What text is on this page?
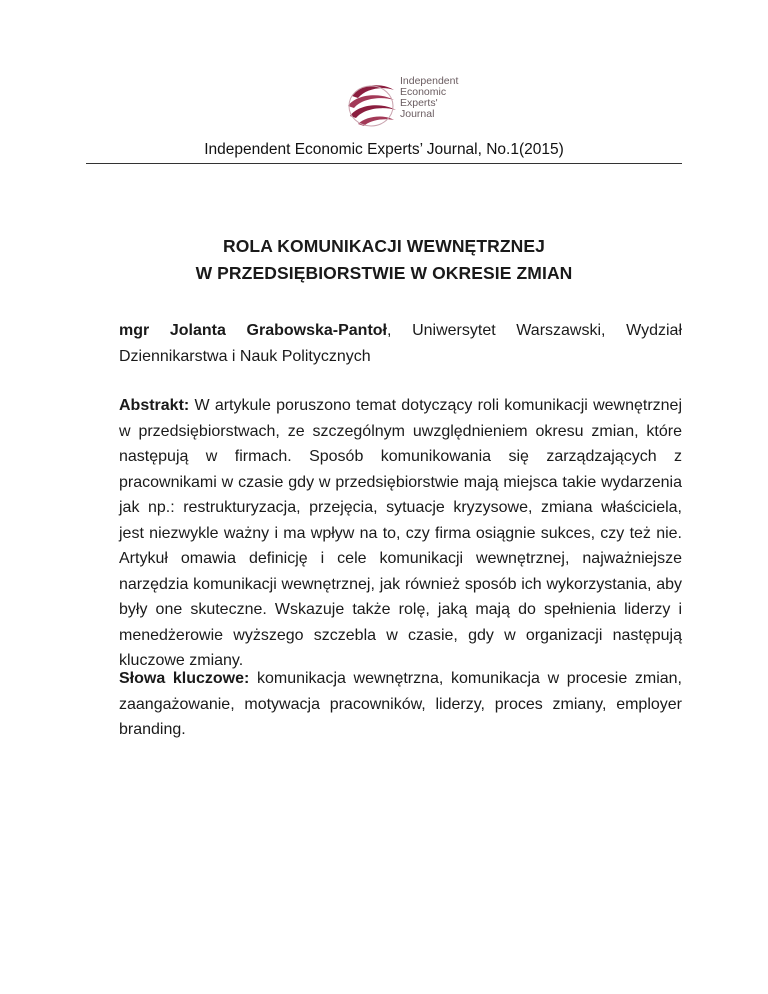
Independent
Economic
Experts'
Journal
Independent Economic Experts’ Journal, No.1(2015)
ROLA KOMUNIKACJI WEWNĘTRZNEJ
W PRZEDSIĘBIORSTWIE W OKRESIE ZMIAN
mgr Jolanta Grabowska-Pantoł, Uniwersytet Warszawski, Wydział Dziennikarstwa i Nauk Politycznych
Abstrakt: W artykule poruszono temat dotyczący roli komunikacji wewnętrznej w przedsiębiorstwach, ze szczególnym uwzględnieniem okresu zmian, które następują w firmach. Sposób komunikowania się zarządzających z pracownikami w czasie gdy w przedsiębiorstwie mają miejsca takie wydarzenia jak np.: restrukturyzacja, przejęcia, sytuacje kryzysowe, zmiana właściciela, jest niezwykle ważny i ma wpływ na to, czy firma osiągnie sukces, czy też nie. Artykuł omawia definicję i cele komunikacji wewnętrznej, najważniejsze narzędzia komunikacji wewnętrznej, jak również sposób ich wykorzystania, aby były one skuteczne. Wskazuje także rolę, jaką mają do spełnienia liderzy i menedżerowie wyższego szczebla w czasie, gdy w organizacji następują kluczowe zmiany.
Słowa kluczowe: komunikacja wewnętrzna, komunikacja w procesie zmian, zaangażowanie, motywacja pracowników, liderzy, proces zmiany, employer branding.
